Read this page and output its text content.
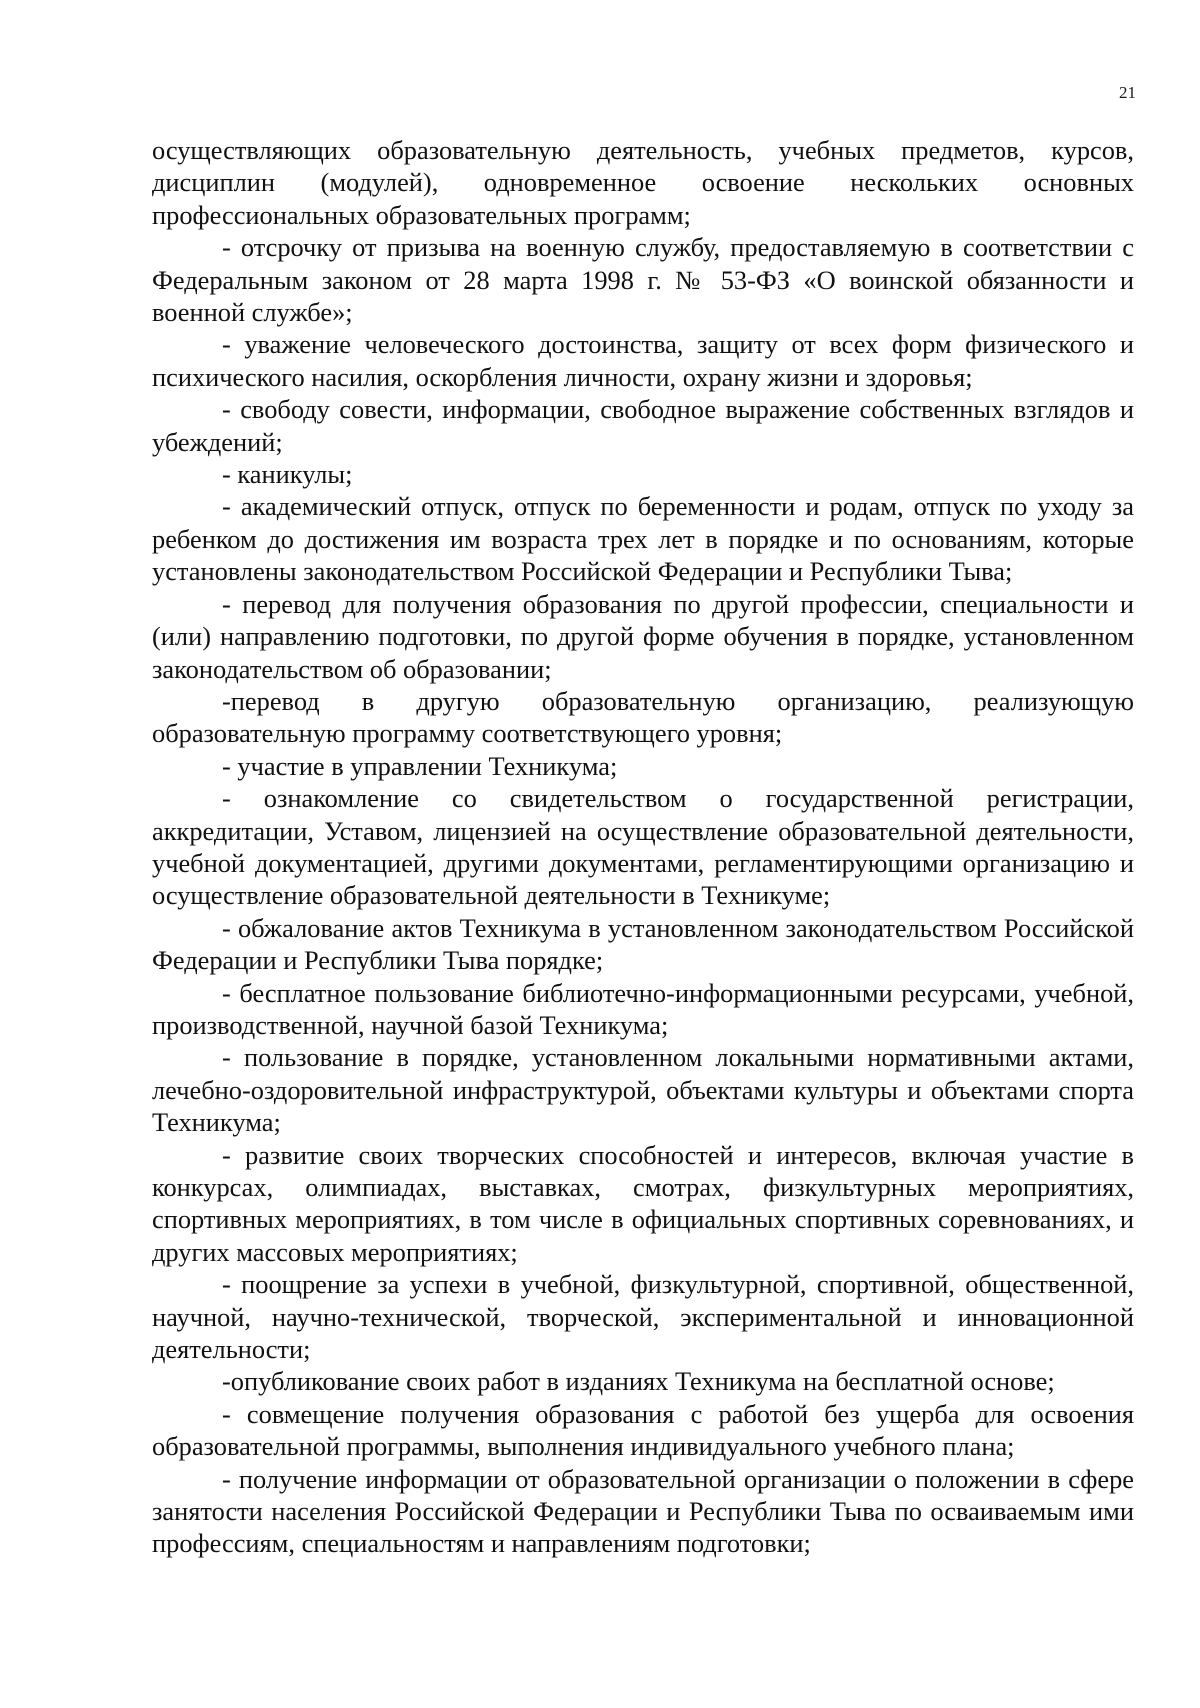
21

осуществляющих образовательную деятельность, учебных предметов, курсов, дисциплин (модулей), одновременное освоение нескольких основных профессиональных образовательных программ;

- отсрочку от призыва на военную службу, предоставляемую в соответствии с Федеральным законом от 28 марта 1998 г. № 53-ФЗ «О воинской обязанности и военной службе»;

- уважение человеческого достоинства, защиту от всех форм физического и психического насилия, оскорбления личности, охрану жизни и здоровья;

- свободу совести, информации, свободное выражение собственных взглядов и убеждений;

- каникулы;

- академический отпуск, отпуск по беременности и родам, отпуск по уходу за ребенком до достижения им возраста трех лет в порядке и по основаниям, которые установлены законодательством Российской Федерации и Республики Тыва;

- перевод для получения образования по другой профессии, специальности и (или) направлению подготовки, по другой форме обучения в порядке, установленном законодательством об образовании;

-перевод в другую образовательную организацию, реализующую образовательную программу соответствующего уровня;

- участие в управлении Техникума;

- ознакомление со свидетельством о государственной регистрации, аккредитации, Уставом, лицензией на осуществление образовательной деятельности, учебной документацией, другими документами, регламентирующими организацию и осуществление образовательной деятельности в Техникуме;

- обжалование актов Техникума в установленном законодательством Российской Федерации и Республики Тыва порядке;

- бесплатное пользование библиотечно-информационными ресурсами, учебной, производственной, научной базой Техникума;

- пользование в порядке, установленном локальными нормативными актами, лечебно-оздоровительной инфраструктурой, объектами культуры и объектами спорта Техникума;

- развитие своих творческих способностей и интересов, включая участие в конкурсах, олимпиадах, выставках, смотрах, физкультурных мероприятиях, спортивных мероприятиях, в том числе в официальных спортивных соревнованиях, и других массовых мероприятиях;

- поощрение за успехи в учебной, физкультурной, спортивной, общественной, научной, научно-технической, творческой, экспериментальной и инновационной деятельности;

-опубликование своих работ в изданиях Техникума на бесплатной основе;

- совмещение получения образования с работой без ущерба для освоения образовательной программы, выполнения индивидуального учебного плана;

- получение информации от образовательной организации о положении в сфере занятости населения Российской Федерации и Республики Тыва по осваиваемым ими профессиям, специальностям и направлениям подготовки;
